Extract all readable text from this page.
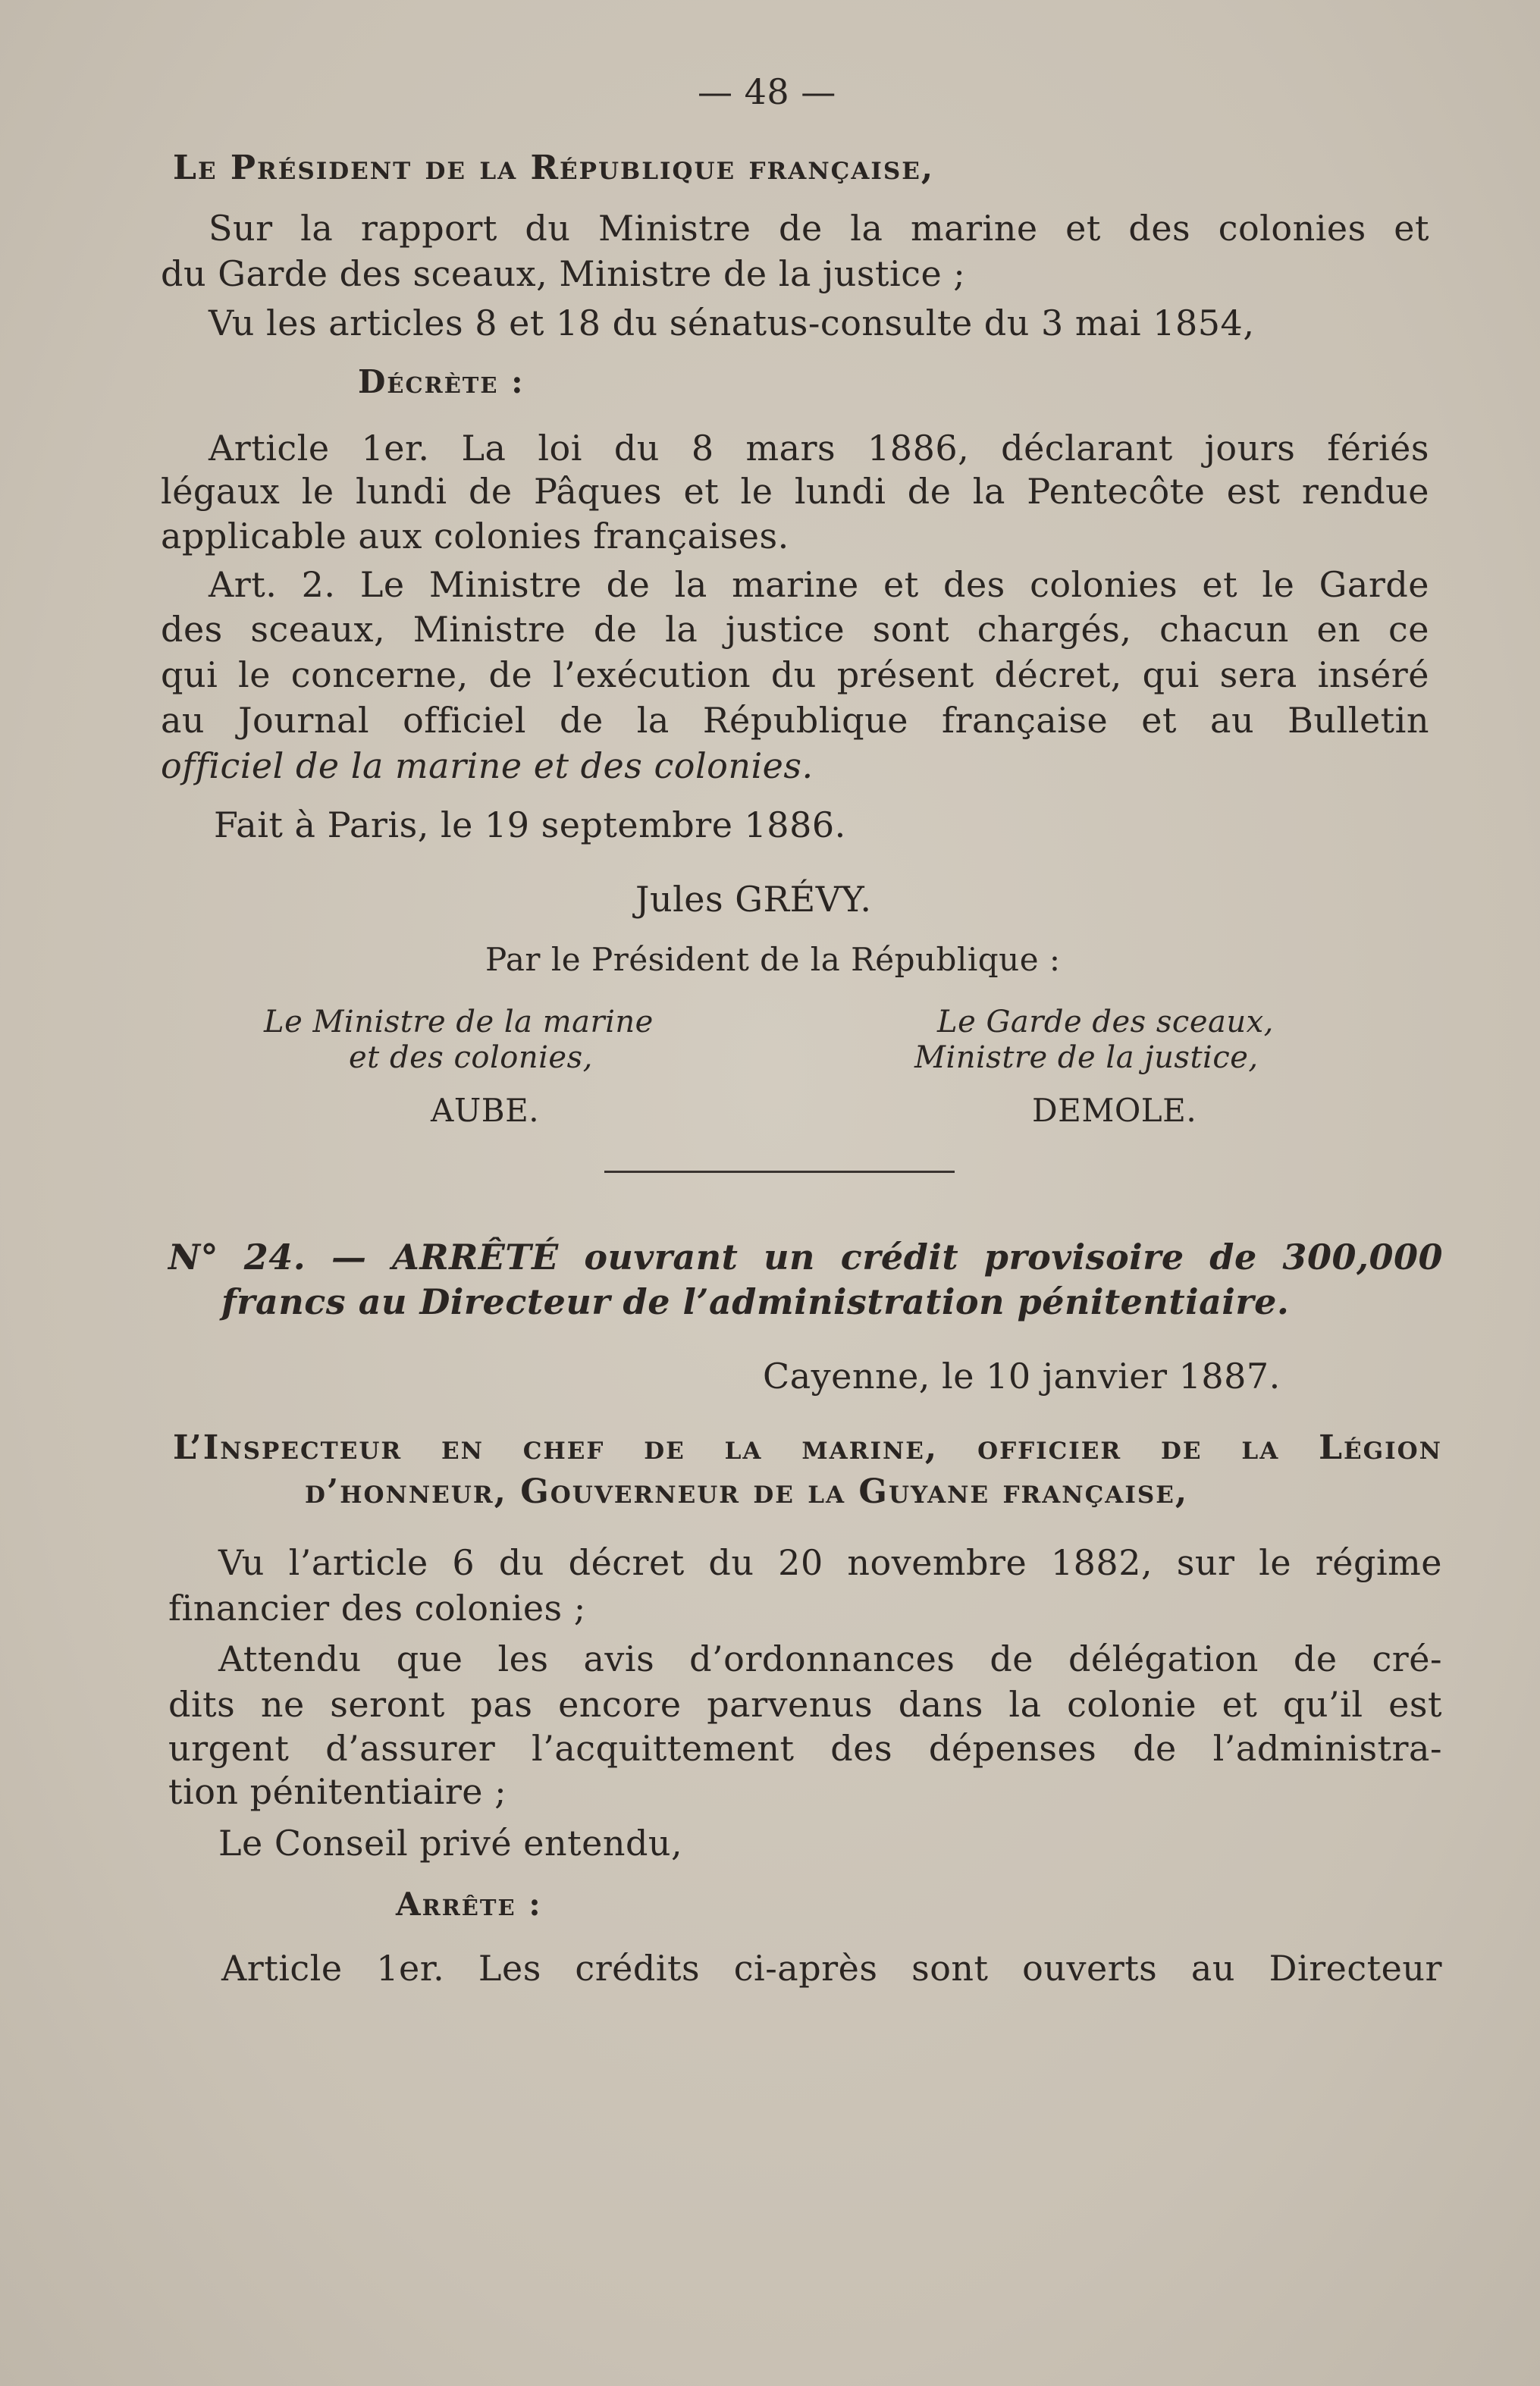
— 48 —
Le Président de la République française,
Sur la rapport du Ministre de la marine et des colonies et
du Garde des sceaux, Ministre de la justice ;
Vu les articles 8 et 18 du sénatus-consulte du 3 mai 1854,
Décrète :
Article 1er. La loi du 8 mars 1886, déclarant jours fériés
légaux le lundi de Pâques et le lundi de la Pentecôte est rendue
applicable aux colonies françaises.
Art. 2. Le Ministre de la marine et des colonies et le Garde
des sceaux, Ministre de la justice sont chargés, chacun en ce
qui le concerne, de l’exécution du présent décret, qui sera inséré
au Journal officiel de la République française et au Bulletin
officiel de la marine et des colonies.
Fait à Paris, le 19 septembre 1886.
Jules GRÉVY.
Par le Président de la République :
Le Ministre de la marine
et des colonies,
AUBE.
Le Garde des sceaux,
Ministre de la justice,
DEMOLE.
N° 24. — ARRÊTÉ ouvrant un crédit provisoire de 300,000
francs au Directeur de l’administration pénitentiaire.
Cayenne, le 10 janvier 1887.
L’Inspecteur en chef de la marine, officier de la Légion
d’honneur, Gouverneur de la Guyane française,
Vu l’article 6 du décret du 20 novembre 1882, sur le régime
financier des colonies ;
Attendu que les avis d’ordonnances de délégation de cré-
dits ne seront pas encore parvenus dans la colonie et qu’il est
urgent d’assurer l’acquittement des dépenses de l’administra-
tion pénitentiaire ;
Le Conseil privé entendu,
Arrête :
Article 1er. Les crédits ci-après sont ouverts au Directeur
